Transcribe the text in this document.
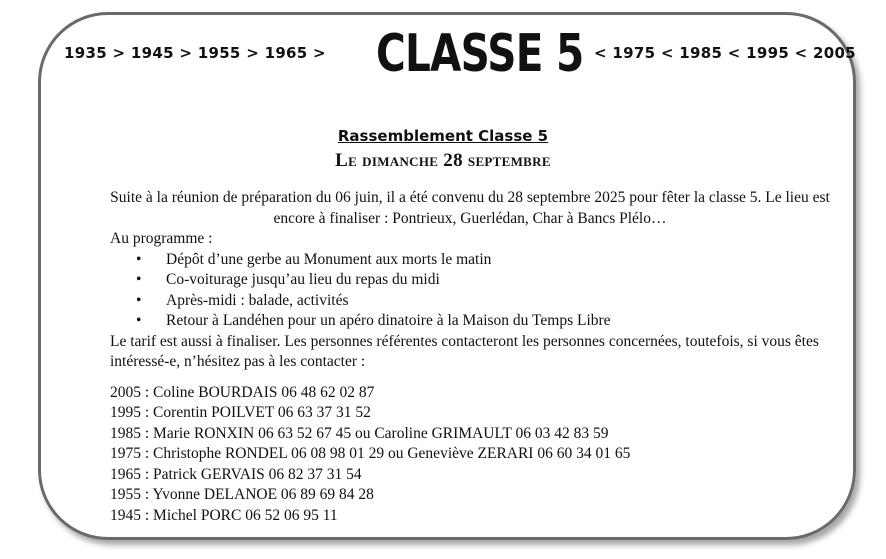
1935 > 1945 > 1955 > 1965 > CLASSE 5 < 1975 < 1985 < 1995 < 2005
Rassemblement Classe 5
Le dimanche 28 septembre

Suite à la réunion de préparation du 06 juin, il a été convenu du 28 septembre 2025 pour fêter la classe 5. Le lieu est encore à finaliser : Pontrieux, Guerlédan, Char à Bancs Plélo…

Au programme :

• Dépôt d’une gerbe au Monument aux morts le matin
• Co-voiturage jusqu’au lieu du repas du midi
• Après-midi : balade, activités
• Retour à Landéhen pour un apéro dinatoire à la Maison du Temps Libre

Le tarif est aussi à finaliser. Les personnes référentes contacteront les personnes concernées, toutefois, si vous êtes intéressé-e, n’hésitez pas à les contacter :

2005 : Coline BOURDAIS 06 48 62 02 87
1995 : Corentin POILVET 06 63 37 31 52
1985 : Marie RONXIN 06 63 52 67 45 ou Caroline GRIMAULT 06 03 42 83 59
1975 : Christophe RONDEL 06 08 98 01 29 ou Geneviève ZERARI 06 60 34 01 65
1965 : Patrick GERVAIS 06 82 37 31 54
1955 : Yvonne DELANOE 06 89 69 84 28
1945 : Michel PORC 06 52 06 95 11
